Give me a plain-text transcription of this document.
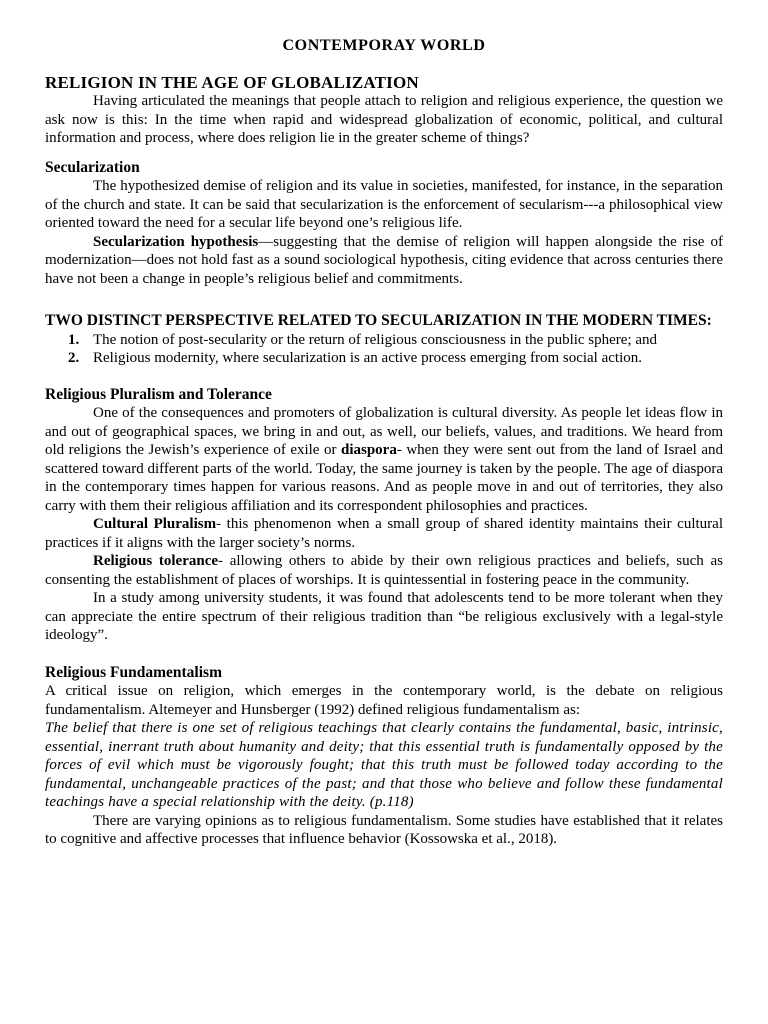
CONTEMPORAY WORLD
RELIGION IN THE AGE OF GLOBALIZATION

Having articulated the meanings that people attach to religion and religious experience, the question we ask now is this: In the time when rapid and widespread globalization of economic, political, and cultural information and process, where does religion lie in the greater scheme of things?

Secularization

The hypothesized demise of religion and its value in societies, manifested, for instance, in the separation of the church and state. It can be said that secularization is the enforcement of secularism---a philosophical view oriented toward the need for a secular life beyond one’s religious life.

Secularization hypothesis—suggesting that the demise of religion will happen alongside the rise of modernization—does not hold fast as a sound sociological hypothesis, citing evidence that across centuries there have not been a change in people’s religious belief and commitments.

TWO DISTINCT PERSPECTIVE RELATED TO SECULARIZATION IN THE MODERN TIMES:
1. The notion of post-secularity or the return of religious consciousness in the public sphere; and
2. Religious modernity, where secularization is an active process emerging from social action.
Religious Pluralism and Tolerance

One of the consequences and promoters of globalization is cultural diversity. As people let ideas flow in and out of geographical spaces, we bring in and out, as well, our beliefs, values, and traditions. We heard from old religions the Jewish’s experience of exile or diaspora- when they were sent out from the land of Israel and scattered toward different parts of the world. Today, the same journey is taken by the people. The age of diaspora in the contemporary times happen for various reasons. And as people move in and out of territories, they also carry with them their religious affiliation and its correspondent philosophies and practices.

Cultural Pluralism- this phenomenon when a small group of shared identity maintains their cultural practices if it aligns with the larger society’s norms.

Religious tolerance- allowing others to abide by their own religious practices and beliefs, such as consenting the establishment of places of worships. It is quintessential in fostering peace in the community.

In a study among university students, it was found that adolescents tend to be more tolerant when they can appreciate the entire spectrum of their religious tradition than “be religious exclusively with a legal-style ideology”.

Religious Fundamentalism

A critical issue on religion, which emerges in the contemporary world, is the debate on religious fundamentalism. Altemeyer and Hunsberger (1992) defined religious fundamentalism as:

The belief that there is one set of religious teachings that clearly contains the fundamental, basic, intrinsic, essential, inerrant truth about humanity and deity; that this essential truth is fundamentally opposed by the forces of evil which must be vigorously fought; that this truth must be followed today according to the fundamental, unchangeable practices of the past; and that those who believe and follow these fundamental teachings have a special relationship with the deity. (p.118)

There are varying opinions as to religious fundamentalism. Some studies have established that it relates to cognitive and affective processes that influence behavior (Kossowska et al., 2018).
